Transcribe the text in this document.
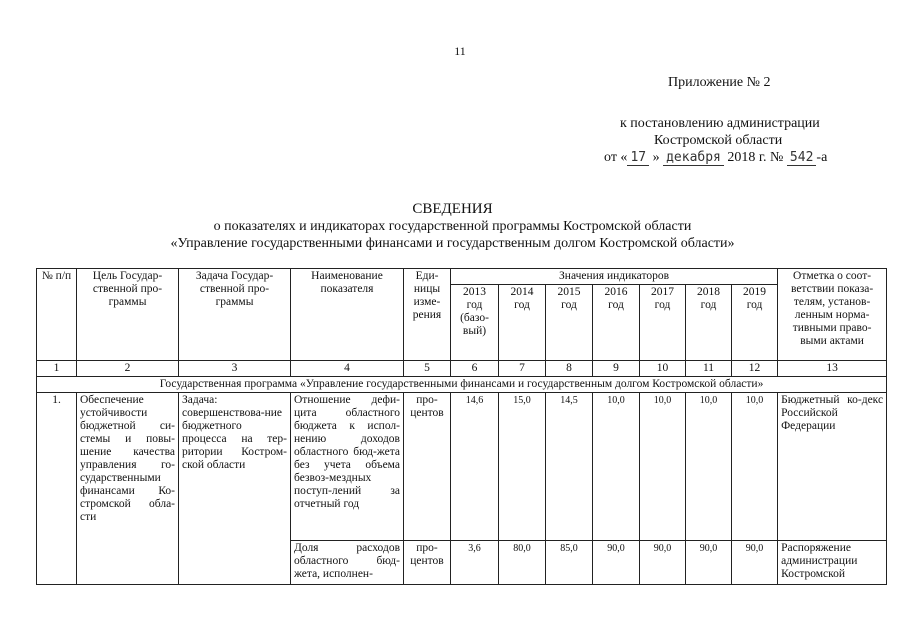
11
Приложение № 2
к постановлению администрации
Костромской области
от « 17 » декабря 2018 г. № 542 -а
СВЕДЕНИЯ
о показателях и индикаторах государственной программы Костромской области
«Управление государственными финансами и государственным долгом Костромской области»
№ п/п	Цель Государ-ственной про-граммы	Задача Государ-ственной про-граммы	Наименование показателя	Еди-ницы изме-рения	Значения индикаторов							Отметка о соот-ветствии показа-телям, установ-ленным норма-тивными право-выми актами
					2013 год (базо-вый)	2014 год	2015 год	2016 год	2017 год	2018 год	2019 год	
1	2	3	4	5	6	7	8	9	10	11	12	13
Государственная программа «Управление государственными финансами и государственным долгом Костромской области»												
1.	Обеспечение устойчивости бюджетной си-стемы и повы-шение качества управления го-сударственными финансами Ко-стромской обла-сти	Задача: совершенствова-ние бюджетного процесса на тер-ритории Костром-ской области	Отношение дефи-цита областного бюджета к испол-нению доходов областного бюд-жета без учета объема безвоз-мездных поступ-лений за отчетный год	про-центов	14,6	15,0	14,5	10,0	10,0	10,0	10,0	Бюджетный ко-декс Российской Федерации
			Доля расходов областного бюд-жета, исполнен-	про-центов	3,6	80,0	85,0	90,0	90,0	90,0	90,0	Распоряжение администрации Костромской
